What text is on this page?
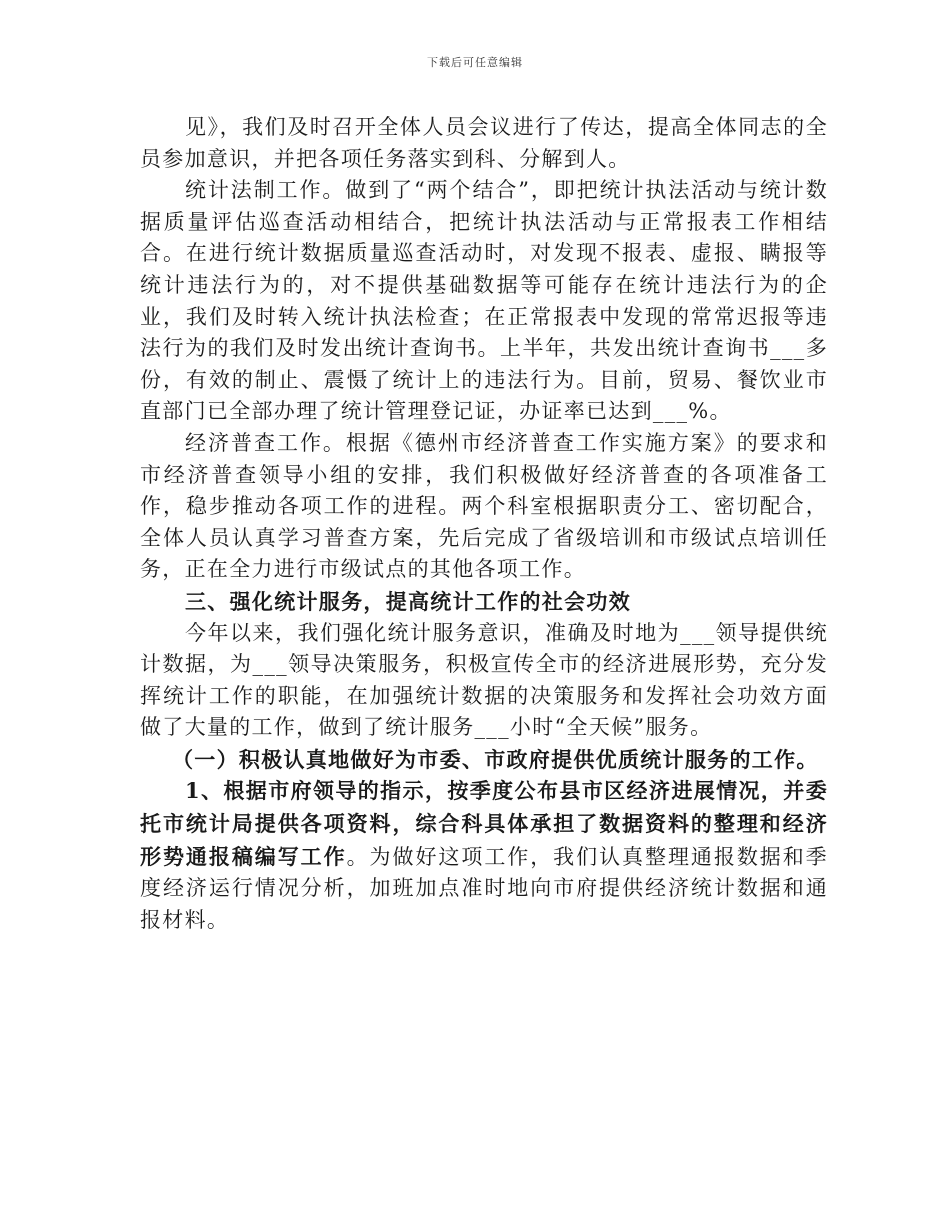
下载后可任意编辑

见》，我们及时召开全体人员会议进行了传达，提高全体同志的全员参加意识，并把各项任务落实到科、分解到人。

统计法制工作。做到了“两个结合”，即把统计执法活动与统计数据质量评估巡查活动相结合，把统计执法活动与正常报表工作相结合。在进行统计数据质量巡查活动时，对发现不报表、虚报、瞒报等统计违法行为的，对不提供基础数据等可能存在统计违法行为的企业，我们及时转入统计执法检查；在正常报表中发现的常常迟报等违法行为的我们及时发出统计查询书。上半年，共发出统计查询书___多份，有效的制止、震慑了统计上的违法行为。目前，贸易、餐饮业市直部门已全部办理了统计管理登记证，办证率已达到___%。

经济普查工作。根据《德州市经济普查工作实施方案》的要求和市经济普查领导小组的安排，我们积极做好经济普查的各项准备工作，稳步推动各项工作的进程。两个科室根据职责分工、密切配合，全体人员认真学习普查方案，先后完成了省级培训和市级试点培训任务，正在全力进行市级试点的其他各项工作。

三、强化统计服务，提高统计工作的社会功效

今年以来，我们强化统计服务意识，准确及时地为___领导提供统计数据，为___领导决策服务，积极宣传全市的经济进展形势，充分发挥统计工作的职能，在加强统计数据的决策服务和发挥社会功效方面做了大量的工作，做到了统计服务___小时“全天候”服务。

（一）积极认真地做好为市委、市政府提供优质统计服务的工作。

1、根据市府领导的指示，按季度公布县市区经济进展情况，并委托市统计局提供各项资料，综合科具体承担了数据资料的整理和经济形势通报稿编写工作。为做好这项工作，我们认真整理通报数据和季度经济运行情况分析，加班加点准时地向市府提供经济统计数据和通报材料。
